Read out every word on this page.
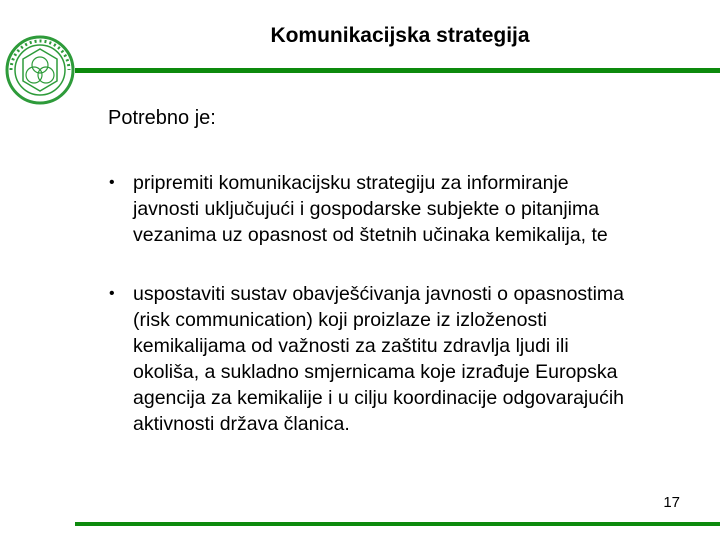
Komunikacijska strategija
Potrebno je:
• pripremiti komunikacijsku strategiju za informiranje
javnosti uključujući i gospodarske subjekte o pitanjima
vezanima uz opasnost od štetnih učinaka kemikalija, te
• uspostaviti sustav obavješćivanja javnosti o opasnostima
(risk communication) koji proizlaze iz izloženosti
kemikalijama od važnosti za zaštitu zdravlja ljudi ili
okoliša, a sukladno smjernicama koje izrađuje Europska
agencija za kemikalije i u cilju koordinacije odgovarajućih
aktivnosti država članica.
17
